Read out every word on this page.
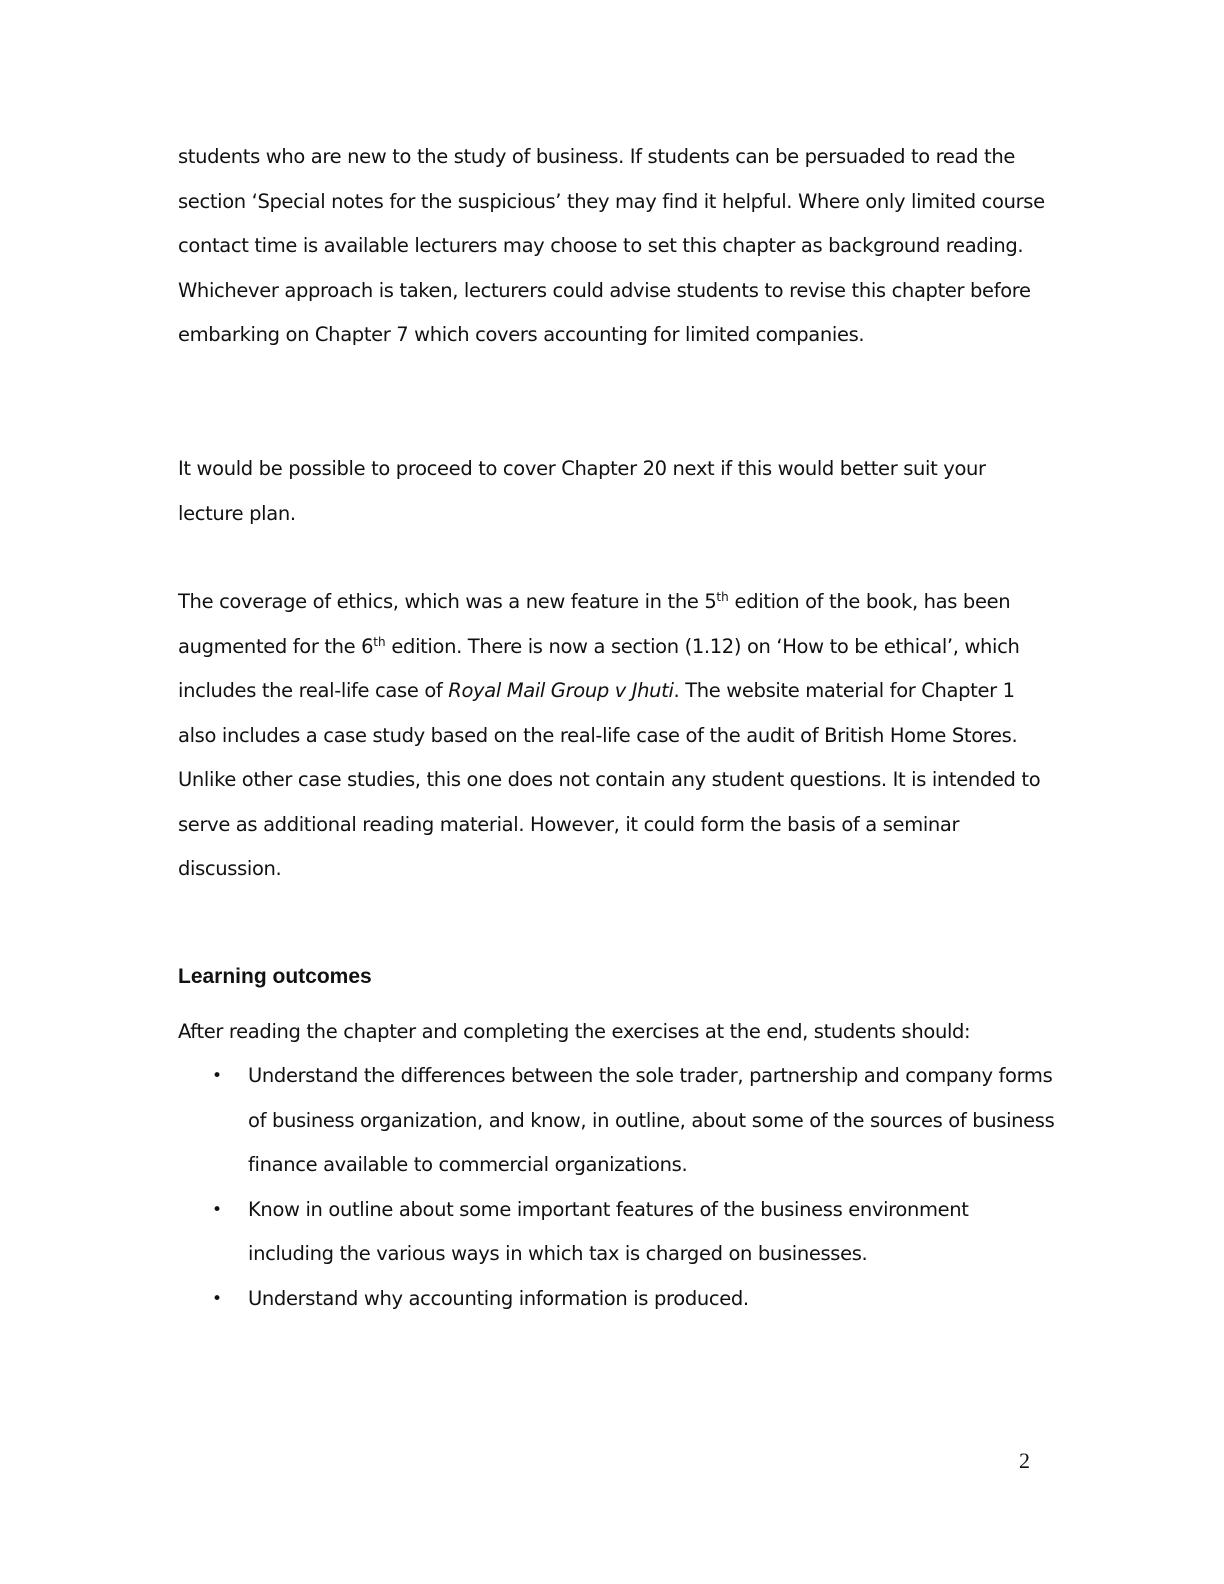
students who are new to the study of business. If students can be persuaded to read the section ‘Special notes for the suspicious’ they may find it helpful. Where only limited course contact time is available lecturers may choose to set this chapter as background reading. Whichever approach is taken, lecturers could advise students to revise this chapter before embarking on Chapter 7 which covers accounting for limited companies.

It would be possible to proceed to cover Chapter 20 next if this would better suit your lecture plan.

The coverage of ethics, which was a new feature in the 5th edition of the book, has been augmented for the 6th edition. There is now a section (1.12) on ‘How to be ethical’, which includes the real-life case of Royal Mail Group v Jhuti. The website material for Chapter 1 also includes a case study based on the real-life case of the audit of British Home Stores. Unlike other case studies, this one does not contain any student questions. It is intended to serve as additional reading material. However, it could form the basis of a seminar discussion.

Learning outcomes

After reading the chapter and completing the exercises at the end, students should:

• Understand the differences between the sole trader, partnership and company forms of business organization, and know, in outline, about some of the sources of business finance available to commercial organizations.
• Know in outline about some important features of the business environment including the various ways in which tax is charged on businesses.
• Understand why accounting information is produced.

2
